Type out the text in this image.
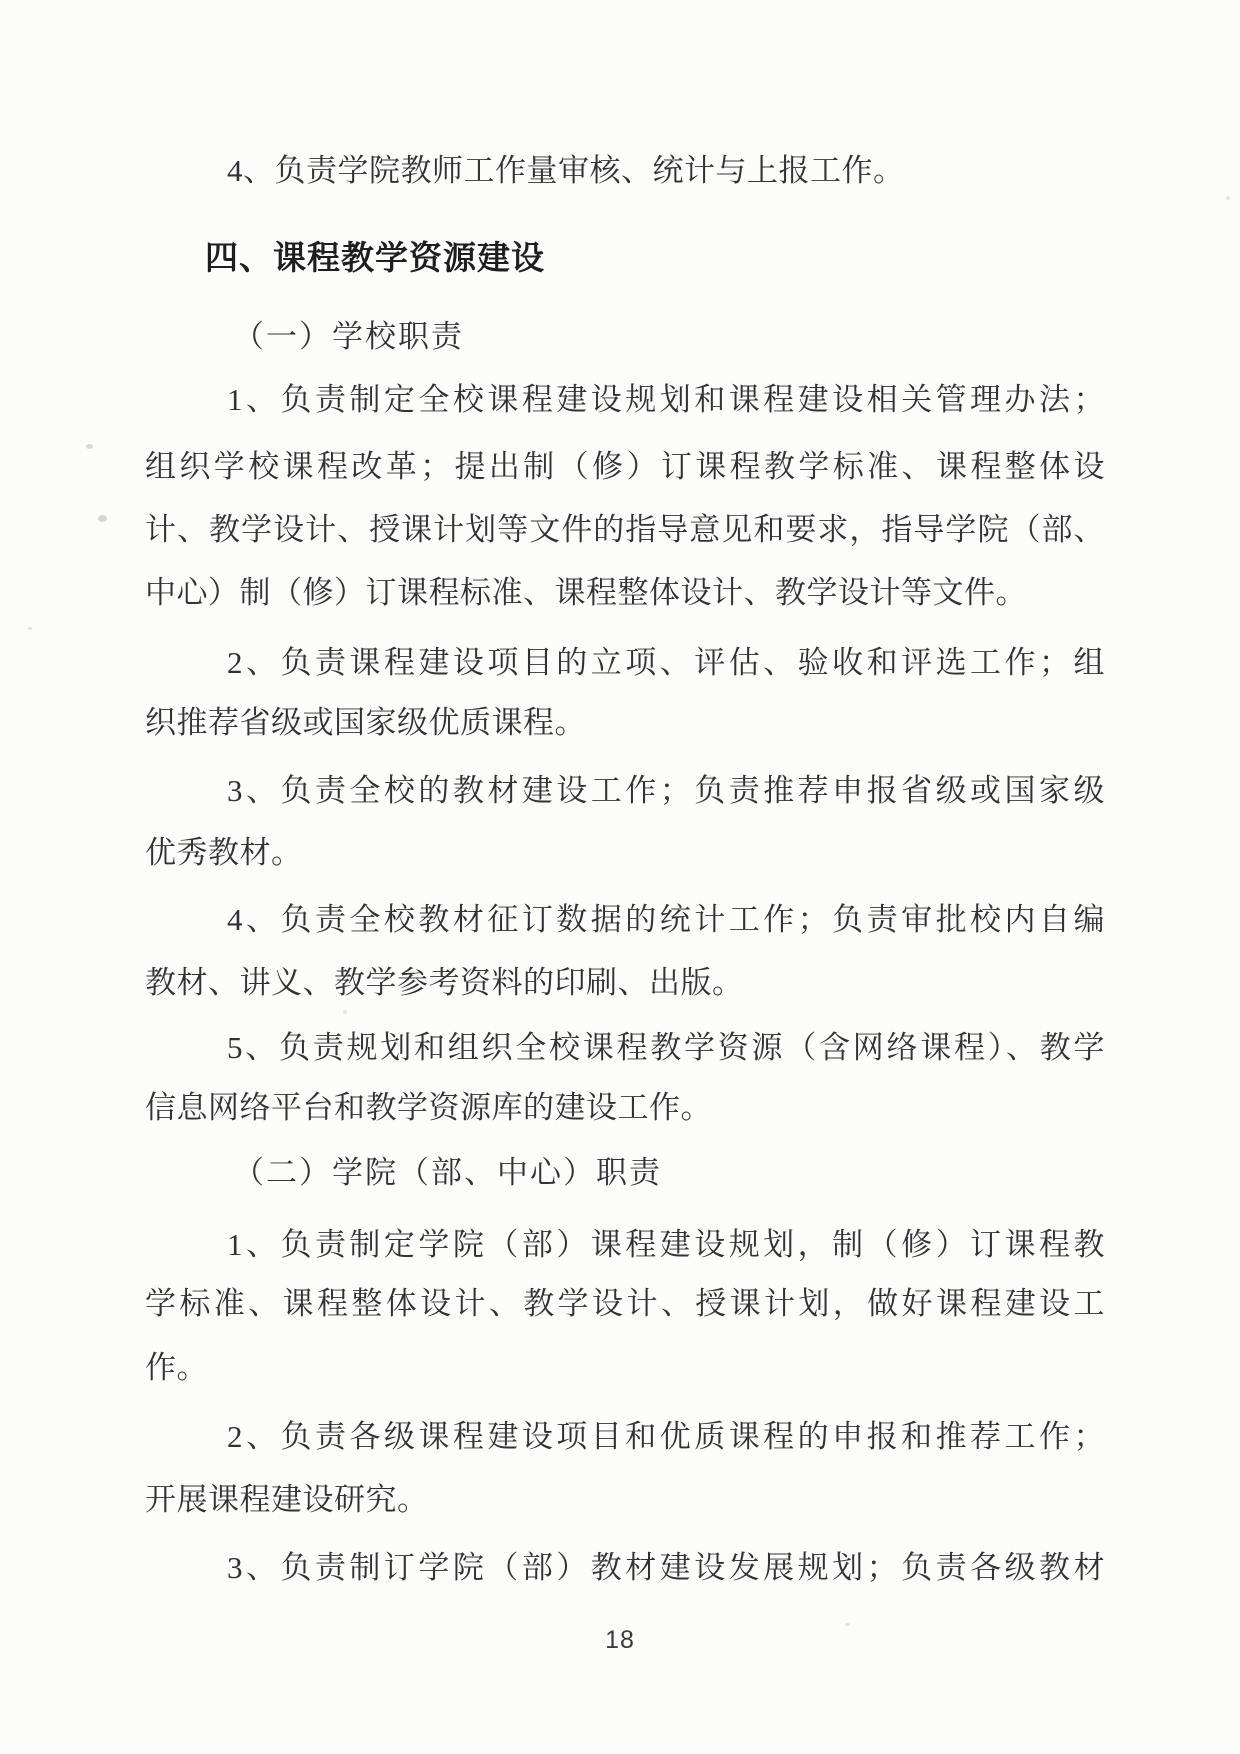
4、负责学院教师工作量审核、统计与上报工作。
四、课程教学资源建设
（一）学校职责
1、负责制定全校课程建设规划和课程建设相关管理办法；
组织学校课程改革；提出制（修）订课程教学标准、课程整体设
计、教学设计、授课计划等文件的指导意见和要求，指导学院（部、
中心）制（修）订课程标准、课程整体设计、教学设计等文件。
2、负责课程建设项目的立项、评估、验收和评选工作；组
织推荐省级或国家级优质课程。
3、负责全校的教材建设工作；负责推荐申报省级或国家级
优秀教材。
4、负责全校教材征订数据的统计工作；负责审批校内自编
教材、讲义、教学参考资料的印刷、出版。
5、负责规划和组织全校课程教学资源（含网络课程）、教学
信息网络平台和教学资源库的建设工作。
（二）学院（部、中心）职责
1、负责制定学院（部）课程建设规划，制（修）订课程教
学标准、课程整体设计、教学设计、授课计划，做好课程建设工
作。
2、负责各级课程建设项目和优质课程的申报和推荐工作；
开展课程建设研究。
3、负责制订学院（部）教材建设发展规划；负责各级教材
18
